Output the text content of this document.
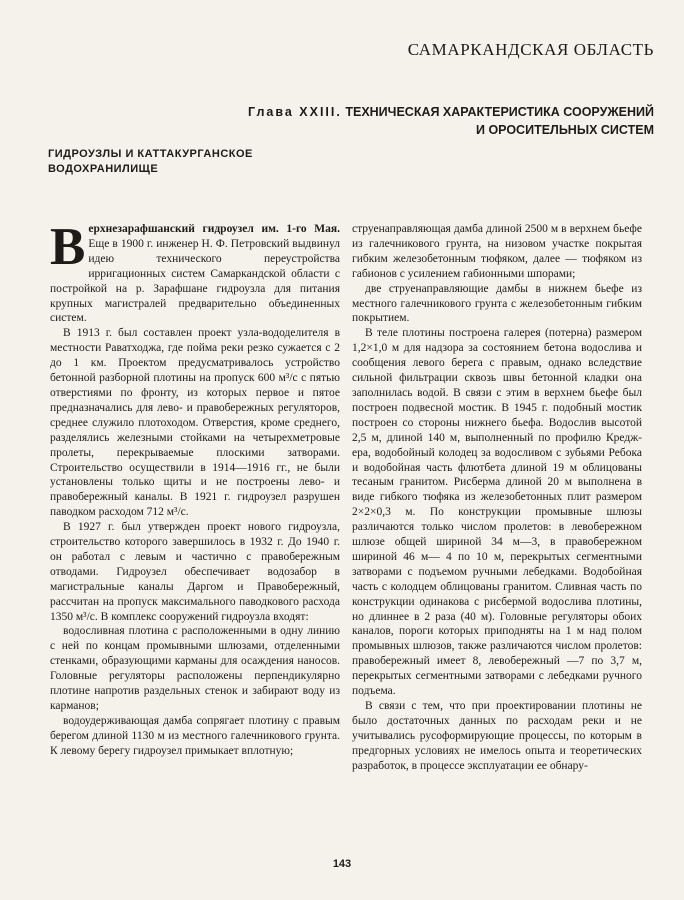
САМАРКАНДСКАЯ ОБЛАСТЬ
Глава XXIII. ТЕХНИЧЕСКАЯ ХАРАКТЕРИСТИКА СООРУЖЕНИЙ
И ОРОСИТЕЛЬНЫХ СИСТЕМ
ГИДРОУЗЛЫ И КАТТАКУРГАНСКОЕ
ВОДОХРАНИЛИЩЕ

Верхнезарафшанский гидроузел им. 1-го Мая. Еще в 1900 г. инженер Н. Ф. Петровский выдвинул идею технического переустройства ирригационных систем Самаркандской области с постройкой на р. Зарафшане гидроузла для питания крупных магистралей предварительно объединенных систем.

В 1913 г. был составлен проект узла-вододелителя в местности Раватходжа, где пойма реки резко сужается с 2 до 1 км. Проектом предусматривалось устройство бетонной разборной плотины на пропуск 600 м³/с с пятью отверстиями по фронту, из которых первое и пятое предназначались для лево- и правобережных регуляторов, среднее служило плотоходом. Отверстия, кроме среднего, разделялись железными стойками на четырехметровые пролеты, перекрываемые плоскими затворами. Строительство осуществили в 1914—1916 гг., не были установлены только щиты и не построены лево- и правобережный каналы. В 1921 г. гидроузел разрушен паводком расходом 712 м³/с.

В 1927 г. был утвержден проект нового гидроузла, строительство которого завершилось в 1932 г. До 1940 г. он работал с левым и частично с правобережным отводами. Гидроузел обеспечивает водозабор в магистральные каналы Даргом и Правобережный, рассчитан на пропуск максимального паводкового расхода 1350 м³/с. В комплекс сооружений гидроузла входят:

водосливная плотина с расположенными в одну линию с ней по концам промывными шлюзами, отделенными стенками, образующими карманы для осаждения наносов. Головные регуляторы расположены перпендикулярно плотине напротив раздельных стенок и забирают воду из карманов;

водоудерживающая дамба сопрягает плотину с правым берегом длиной 1130 м из местного галечникового грунта. К левому берегу гидроузел примыкает вплотную;

струенаправляющая дамба длиной 2500 м в верхнем бьефе из галечникового грунта, на низовом участке покрытая гибким железобетонным тюфяком, далее — тюфяком из габионов с усилением габионными шпорами;

две струенаправляющие дамбы в нижнем бьефе из местного галечникового грунта с железобетонным гибким покрытием.

В теле плотины построена галерея (потерна) размером 1,2×1,0 м для надзора за состоянием бетона водослива и сообщения левого берега с правым, однако вследствие сильной фильтрации сквозь швы бетонной кладки она заполнилась водой. В связи с этим в верхнем бьефе был построен подвесной мостик. В 1945 г. подобный мостик построен со стороны нижнего бьефа. Водослив высотой 2,5 м, длиной 140 м, выполненный по профилю Кредж-ера, водобойный колодец за водосливом с зубьями Ребока и водобойная часть флютбета длиной 19 м облицованы тесаным гранитом. Рисберма длиной 20 м выполнена в виде гибкого тюфяка из железобетонных плит размером 2×2×0,3 м. По конструкции промывные шлюзы различаются только числом пролетов: в левобережном шлюзе общей шириной 34 м—3, в правобережном шириной 46 м— 4 по 10 м, перекрытых сегментными затворами с подъемом ручными лебедками. Водобойная часть с колодцем облицованы гранитом. Сливная часть по конструкции одинакова с рисбермой водослива плотины, но длиннее в 2 раза (40 м). Головные регуляторы обоих каналов, пороги которых приподняты на 1 м над полом промывных шлюзов, также различаются числом пролетов: правобережный имеет 8, левобережный —7 по 3,7 м, перекрытых сегментными затворами с лебедками ручного подъема.

В связи с тем, что при проектировании плотины не было достаточных данных по расходам реки и не учитывались русоформирующие процессы, по которым в предгорных условиях не имелось опыта и теоретических разработок, в процессе эксплуатации ее обнару-

143
